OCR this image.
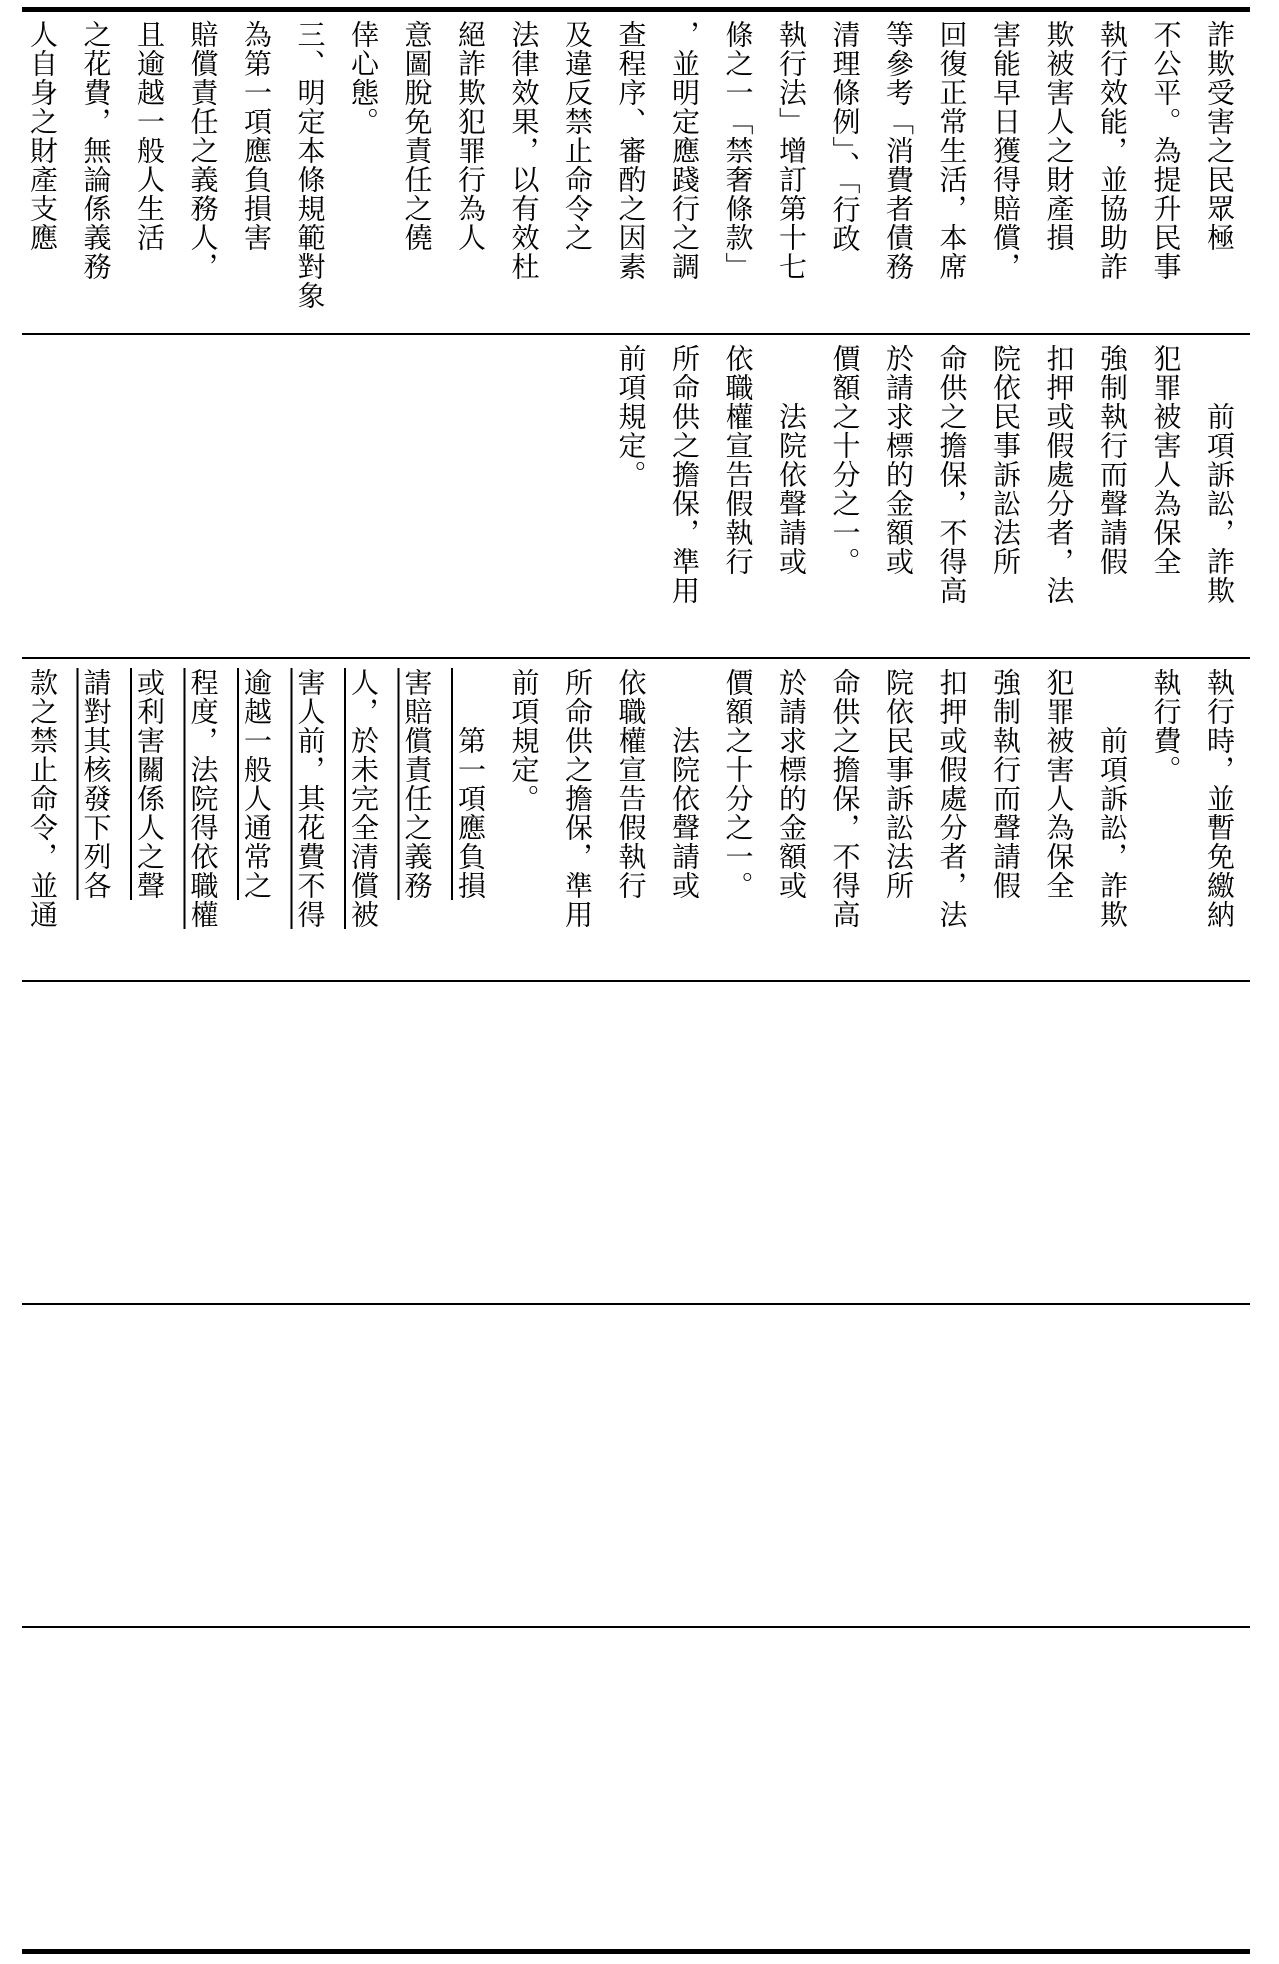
詐欺受害之民眾極
不公平。為提升民事
執行效能，並協助詐
欺被害人之財產損
害能早日獲得賠償，
回復正常生活，本席
等參考「消費者債務
清理條例」、「行政
執行法」增訂第十七
條之一「禁奢條款」
，並明定應踐行之調
查程序、審酌之因素
及違反禁止命令之
法律效果，以有效杜
絕詐欺犯罪行為人
意圖脫免責任之僥
倖心態。
三、明定本條規範對象
為第一項應負損害
賠償責任之義務人，
且逾越一般人生活
之花費，無論係義務
人自身之財產支應
　　前項訴訟，詐欺
犯罪被害人為保全
強制執行而聲請假
扣押或假處分者，法
院依民事訴訟法所
命供之擔保，不得高
於請求標的金額或
價額之十分之一。
　　法院依聲請或
依職權宣告假執行
所命供之擔保，準用
前項規定。
執行時，並暫免繳納
執行費。
　　前項訴訟，詐欺
犯罪被害人為保全
強制執行而聲請假
扣押或假處分者，法
院依民事訴訟法所
命供之擔保，不得高
於請求標的金額或
價額之十分之一。
　　法院依聲請或
依職權宣告假執行
所命供之擔保，準用
前項規定。
　　第一項應負損
害賠償責任之義務
人，於未完全清償被
害人前，其花費不得
逾越一般人通常之
程度，法院得依職權
或利害關係人之聲
請對其核發下列各
款之禁止命令，並通
